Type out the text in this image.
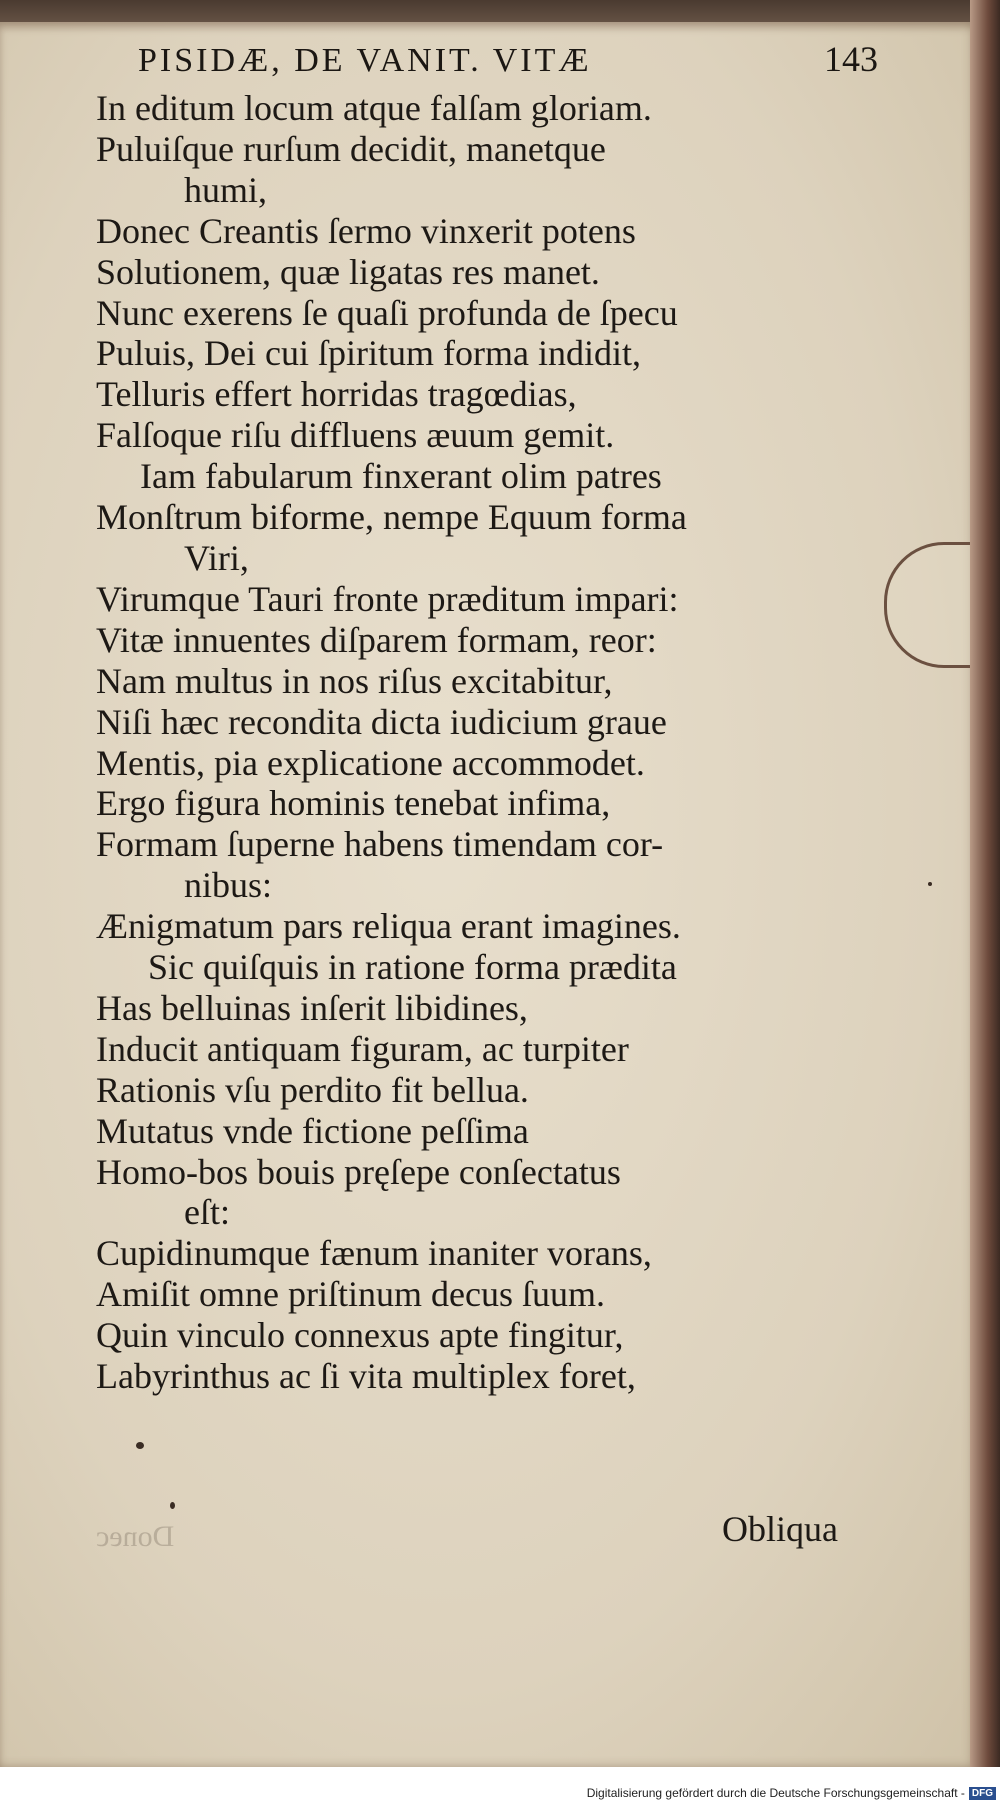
PISIDÆ, DE VANIT. VITÆ	143
In editum locum atque falſam gloriam.
Puluiſque rurſum decidit, manetque
humi,
Donec Creantis ſermo vinxerit potens
Solutionem, quæ ligatas res manet.
Nunc exerens ſe quaſi profunda de ſpecu
Puluis, Dei cui ſpiritum forma indidit,
Telluris effert horridas tragœdias,
Falſoque riſu diffluens æuum gemit.
Iam fabularum finxerant olim patres
Monſtrum biforme, nempe Equum forma
Viri,
Virumque Tauri fronte præditum impari:
Vitæ innuentes diſparem formam, reor:
Nam multus in nos riſus excitabitur,
Niſi hæc recondita dicta iudicium graue
Mentis, pia explicatione accommodet.
Ergo figura hominis tenebat infima,
Formam ſuperne habens timendam cor-
nibus:
Ænigmatum pars reliqua erant imagines.
Sic quiſquis in ratione forma prædita
Has belluinas inſerit libidines,
Inducit antiquam figuram, ac turpiter
Rationis vſu perdito fit bellua.
Mutatus vnde fictione peſſima
Homo-bos bouis pręſepe conſectatus
eſt:
Cupidinumque fænum inaniter vorans,
Amiſit omne priſtinum decus ſuum.
Quin vinculo connexus apte fingitur,
Labyrinthus ac ſi vita multiplex foret,
Donec	Obliqua
Digitalisierung gefördert durch die Deutsche Forschungsgemeinschaft - DFG
